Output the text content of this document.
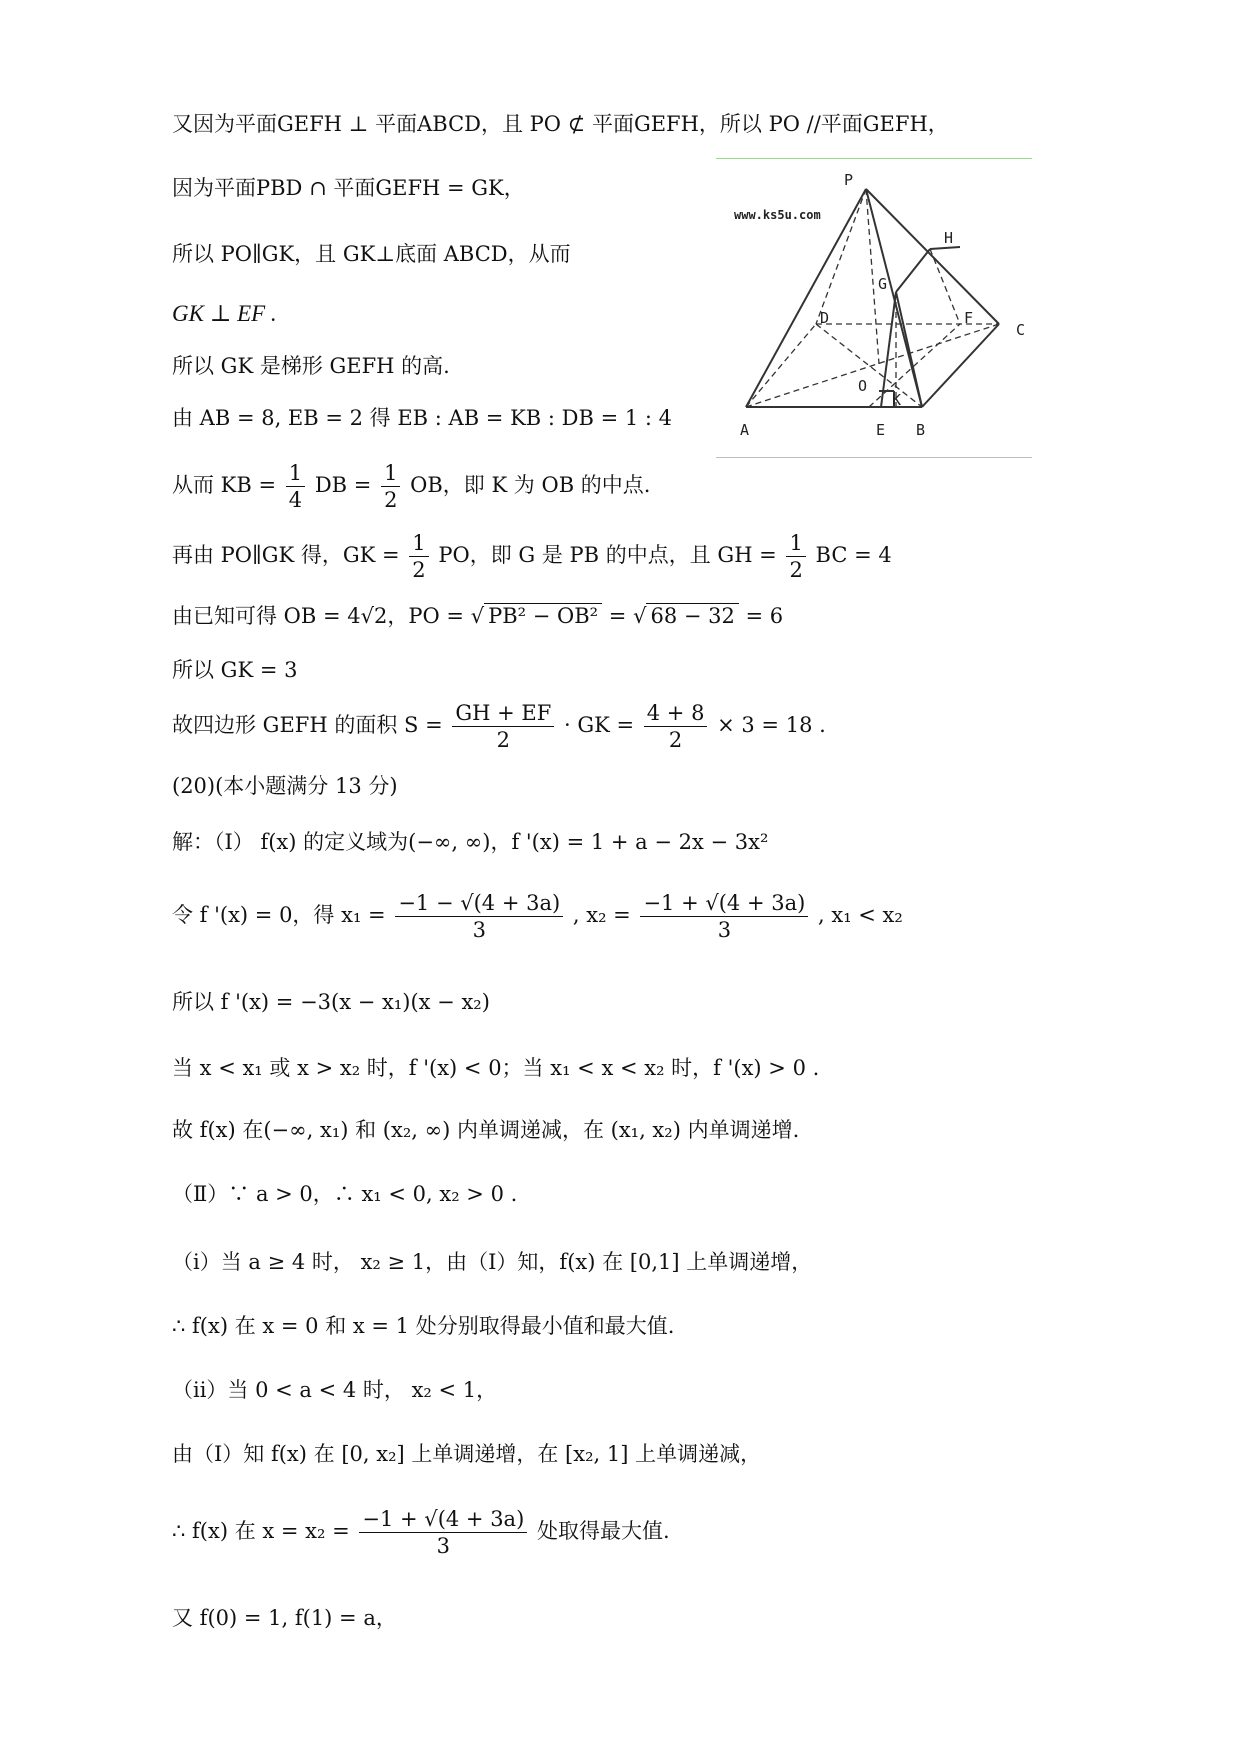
又因为平面GEFH ⊥ 平面ABCD，且 PO ⊄ 平面GEFH，所以 PO //平面GEFH，
因为平面PBD ∩ 平面GEFH = GK，
所以 PO∥GK，且 GK⊥底面 ABCD，从而
GK ⊥ EF .
所以 GK 是梯形 GEFH 的高.
由 AB = 8, EB = 2 得 EB : AB = KB : DB = 1 : 4
从而 KB = $\frac{1}{4}$ DB = $\frac{1}{2}$ OB，即 K 为 OB 的中点.
再由 PO∥GK 得，GK = $\frac{1}{2}$ PO，即 G 是 PB 的中点，且 GH = $\frac{1}{2}$ BC = 4
由已知可得 OB = 4√2，PO = √ PB² − OB² = √ 68 − 32 = 6
所以 GK = 3
故四边形 GEFH 的面积 $S = \frac{GH + EF}{2}$ · GK = $\frac{4 + 8}{2} \times 3 = 18$ .
(20)(本小题满分 13 分)
解：（Ⅰ） f(x) 的定义域为(−∞, ∞)，f '(x) = 1 + a − 2x − 3x²
令 f '(x) = 0，得 $x_1 = \frac{-1 - √(4 + 3a)}{3}$ , $x_2 = \frac{-1 + √(4 + 3a)}{3}$ , x₁ < x₂
所以 f '(x) = −3(x − x₁)(x − x₂)
当 x < x₁ 或 x > x₂ 时，f '(x) < 0；当 x₁ < x < x₂ 时，f '(x) > 0 .
故 f(x) 在(−∞, x₁) 和 (x₂, ∞) 内单调递减，在 (x₁, x₂) 内单调递增.
（Ⅱ）∵ a > 0，∴ x₁ < 0, x₂ > 0 .
（ⅰ）当 a ≥ 4 时， x₂ ≥ 1，由（Ⅰ）知，f(x) 在 [0,1] 上单调递增，
∴ f(x) 在 x = 0 和 x = 1 处分别取得最小值和最大值.
（ⅱ）当 0 < a < 4 时， x₂ < 1，
由（Ⅰ）知 f(x) 在 [0, x₂] 上单调递增，在 [x₂, 1] 上单调递减，
∴ f(x) 在 $x = x_2 = \frac{-1 + √(4 + 3a)}{3}$ 处取得最大值.
又 f(0) = 1, f(1) = a，
www.ks5u.com
P
H
G
D	F
C
O
K
A	E B
